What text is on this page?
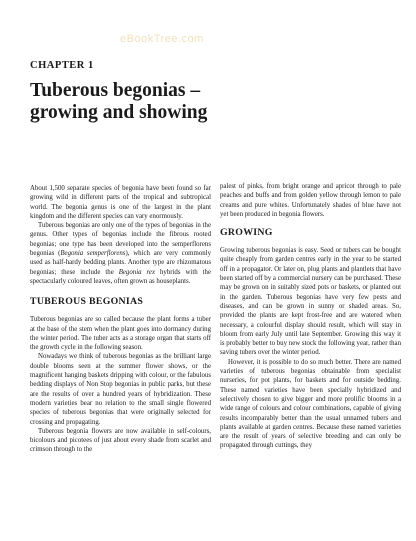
eBookTree.com
CHAPTER 1
Tuberous begonias –
growing and showing

About 1,500 separate species of begonia have been found so far growing wild in different parts of the tropical and subtropical world. The begonia genus is one of the largest in the plant kingdom and the different species can vary enormously.

Tuberous begonias are only one of the types of begonias in the genus. Other types of begonias include the fibrous rooted begonias; one type has been developed into the semperflorens begonias (Begonia semperflorens), which are very commonly used as half-hardy bedding plants. Another type are rhizomatous begonias; these include the Begonia rex hybrids with the spectacularly coloured leaves, often grown as houseplants.

TUBEROUS BEGONIAS

Tuberous begonias are so called because the plant forms a tuber at the base of the stem when the plant goes into dormancy during the winter period. The tuber acts as a storage organ that starts off the growth cycle in the following season.

Nowadays we think of tuberous begonias as the brilliant large double blooms seen at the summer flower shows, or the magnificent hanging baskets dripping with colour, or the fabulous bedding displays of Non Stop begonias in public parks, but these are the results of over a hundred years of hybridization. These modern varieties bear no relation to the small single flowered species of tuberous begonias that were originally selected for crossing and propagating.

Tuberous begonia flowers are now available in self-colours, bicolours and picotees of just about every shade from scarlet and crimson through to the

palest of pinks, from bright orange and apricot through to pale peaches and buffs and from golden yellow through lemon to pale creams and pure whites. Unfortunately shades of blue have not yet been produced in begonia flowers.

GROWING

Growing tuberous begonias is easy. Seed or tubers can be bought quite cheaply from garden centres early in the year to be started off in a propagator. Or later on, plug plants and plantlets that have been started off by a commercial nursery can be purchased. These may be grown on in suitably sized pots or baskets, or planted out in the garden. Tuberous begonias have very few pests and diseases, and can be grown in sunny or shaded areas. So, provided the plants are kept frost-free and are watered when necessary, a colourful display should result, which will stay in bloom from early July until late September. Growing this way it is probably better to buy new stock the following year, rather than saving tubers over the winter period.

However, it is possible to do so much better. There are named varieties of tuberous begonias obtainable from specialist nurseries, for pot plants, for baskets and for outside bedding. These named varieties have been specially hybridized and selectively chosen to give bigger and more prolific blooms in a wide range of colours and colour combinations, capable of giving results incomparably better than the usual unnamed tubers and plants available at garden centres. Because these named varieties are the result of years of selective breeding and can only be propagated through cuttings, they
